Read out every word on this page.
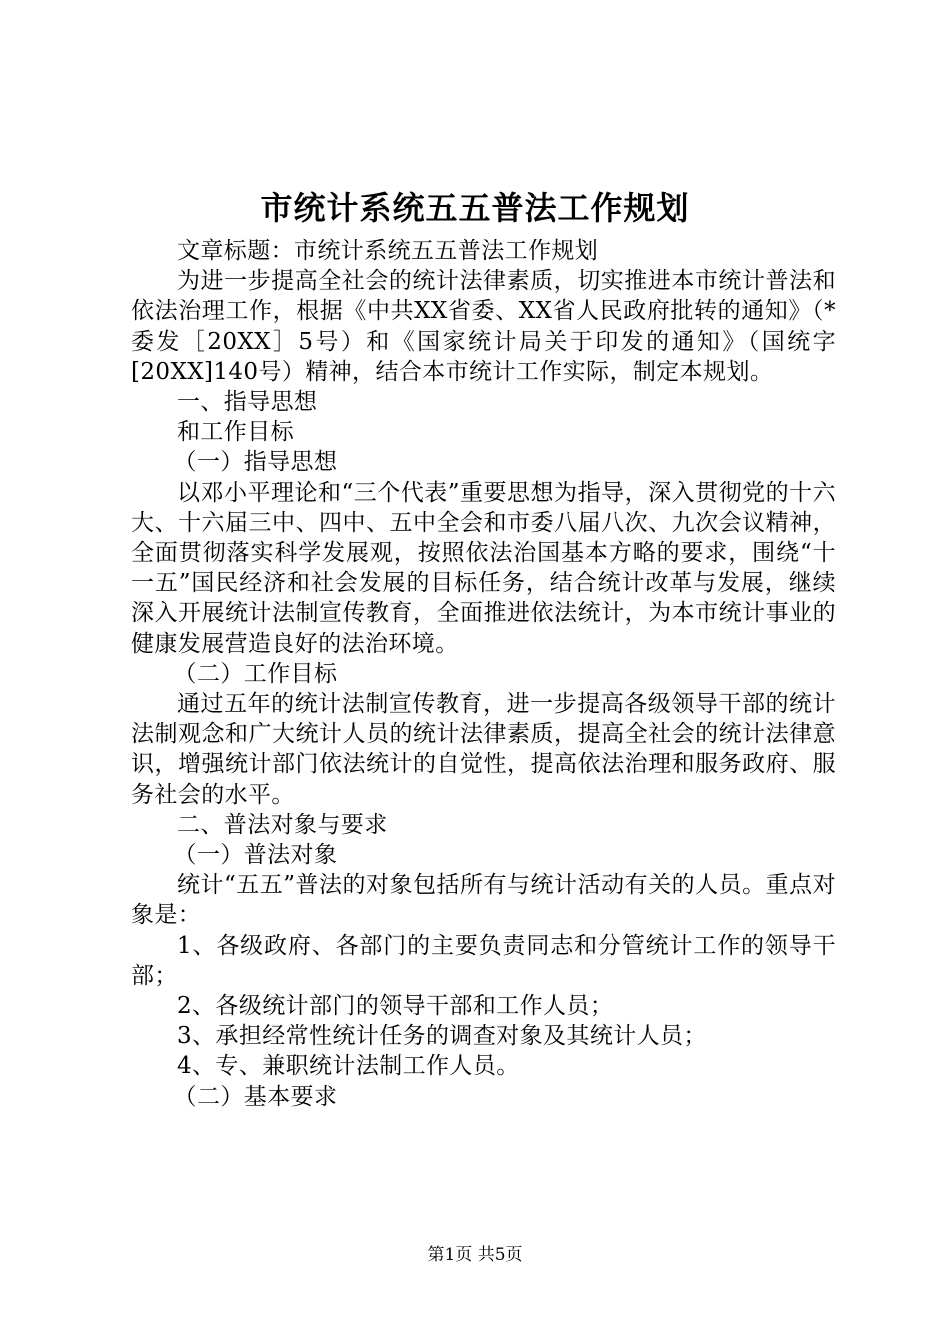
市统计系统五五普法工作规划

文章标题：市统计系统五五普法工作规划

为进一步提高全社会的统计法律素质，切实推进本市统计普法和依法治理工作，根据《中共XX省委、XX省人民政府批转的通知》（*委发［20XX］5号）和《国家统计局关于印发的通知》（国统字[20XX]140号）精神，结合本市统计工作实际，制定本规划。

一、指导思想

和工作目标

（一）指导思想

以邓小平理论和“三个代表”重要思想为指导，深入贯彻党的十六大、十六届三中、四中、五中全会和市委八届八次、九次会议精神，全面贯彻落实科学发展观，按照依法治国基本方略的要求，围绕“十一五”国民经济和社会发展的目标任务，结合统计改革与发展，继续深入开展统计法制宣传教育，全面推进依法统计，为本市统计事业的健康发展营造良好的法治环境。

（二）工作目标

通过五年的统计法制宣传教育，进一步提高各级领导干部的统计法制观念和广大统计人员的统计法律素质，提高全社会的统计法律意识，增强统计部门依法统计的自觉性，提高依法治理和服务政府、服务社会的水平。

二、普法对象与要求

（一）普法对象

统计“五五”普法的对象包括所有与统计活动有关的人员。重点对象是：

1、各级政府、各部门的主要负责同志和分管统计工作的领导干部；

2、各级统计部门的领导干部和工作人员；

3、承担经常性统计任务的调查对象及其统计人员；

4、专、兼职统计法制工作人员。

（二）基本要求

第1页 共5页
